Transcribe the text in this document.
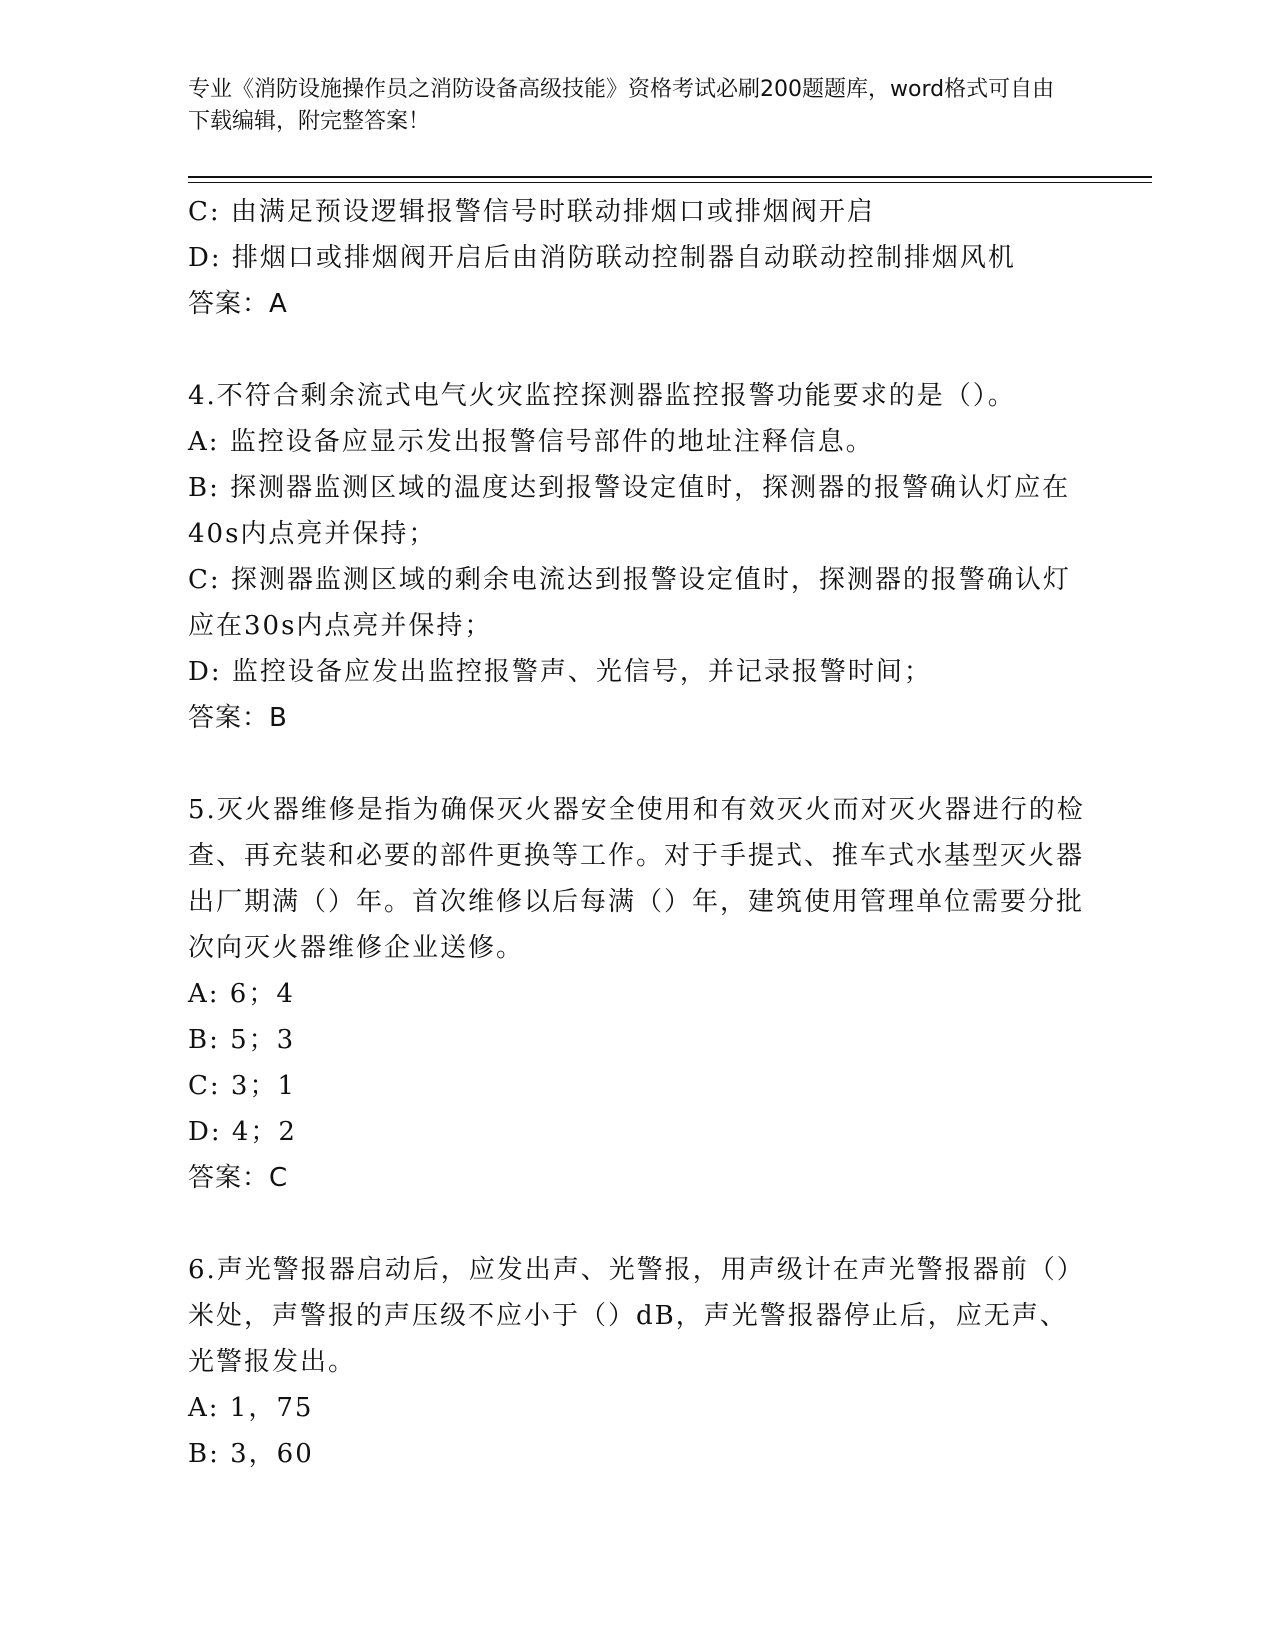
专业《消防设施操作员之消防设备高级技能》资格考试必刷200题题库，word格式可自由下载编辑，附完整答案！
C: 由满足预设逻辑报警信号时联动排烟口或排烟阀开启
D: 排烟口或排烟阀开启后由消防联动控制器自动联动控制排烟风机
答案：A
4.不符合剩余流式电气火灾监控探测器监控报警功能要求的是（）。
A: 监控设备应显示发出报警信号部件的地址注释信息。
B: 探测器监测区域的温度达到报警设定值时，探测器的报警确认灯应在40s内点亮并保持；
C: 探测器监测区域的剩余电流达到报警设定值时，探测器的报警确认灯应在30s内点亮并保持；
D: 监控设备应发出监控报警声、光信号，并记录报警时间；
答案：B
5.灭火器维修是指为确保灭火器安全使用和有效灭火而对灭火器进行的检查、再充装和必要的部件更换等工作。对于手提式、推车式水基型灭火器出厂期满（）年。首次维修以后每满（）年，建筑使用管理单位需要分批次向灭火器维修企业送修。
A: 6；4
B: 5；3
C: 3；1
D: 4；2
答案：C
6.声光警报器启动后，应发出声、光警报，用声级计在声光警报器前（）米处，声警报的声压级不应小于（）dB，声光警报器停止后，应无声、光警报发出。
A: 1，75
B: 3，60
